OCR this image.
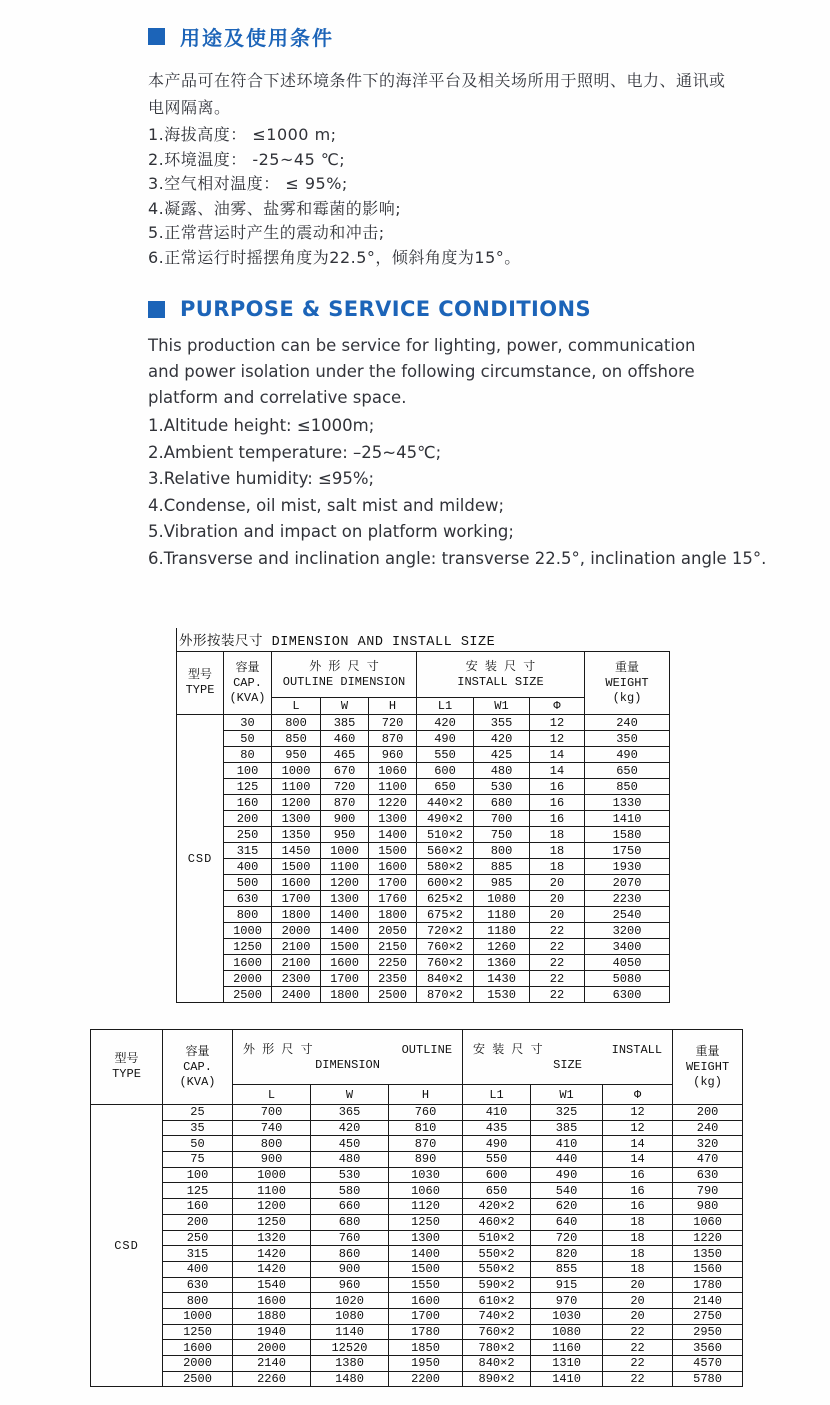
用途及使用条件

本产品可在符合下述环境条件下的海洋平台及相关场所用于照明、电力、通讯或电网隔离。

1.海拔高度： ≤1000 m;
2.环境温度： -25~45 ℃;
3.空气相对温度： ≤ 95%;
4.凝露、油雾、盐雾和霉菌的影响;
5.正常营运时产生的震动和冲击;
6.正常运行时摇摆角度为22.5°，倾斜角度为15°。
PURPOSE & SERVICE CONDITIONS

This production can be service for lighting, power, communication and power isolation under the following circumstance, on offshore platform and correlative space.

1.Altitude height: ≤1000m;
2.Ambient temperature: –25~45℃;
3.Relative humidity: ≤95%;
4.Condense, oil mist, salt mist and mildew;
5.Vibration and impact on platform working;
6.Transverse and inclination angle: transverse 22.5°, inclination angle 15°.
外形按装尺寸 DIMENSION AND INSTALL SIZE
型号
TYPE	容量
CAP.
(KVA)	外 形 尺 寸
OUTLINE DIMENSION			安 装 尺 寸
INSTALL SIZE			重量
WEIGHT
(kg)

		L	W	H	L1	W1	Φ	
CSD	30	800	385	720	420	355	12	240
	50	850	460	870	490	420	12	350
	80	950	465	960	550	425	14	490
	100	1000	670	1060	600	480	14	650
	125	1100	720	1100	650	530	16	850
	160	1200	870	1220	440×2	680	16	1330
	200	1300	900	1300	490×2	700	16	1410
	250	1350	950	1400	510×2	750	18	1580
	315	1450	1000	1500	560×2	800	18	1750
	400	1500	1100	1600	580×2	885	18	1930
	500	1600	1200	1700	600×2	985	20	2070
	630	1700	1300	1760	625×2	1080	20	2230
	800	1800	1400	1800	675×2	1180	20	2540
	1000	2000	1400	2050	720×2	1180	22	3200
	1250	2100	1500	2150	760×2	1260	22	3400
	1600	2100	1600	2250	760×2	1360	22	4050
	2000	2300	1700	2350	840×2	1430	22	5080
	2500	2400	1800	2500	870×2	1530	22	6300
型号
TYPE	容量
CAP.
(KVA)	外 形 尺 寸 OUTLINE
DIMENSION			安 装 尺 寸 INSTALL
SIZE			重量
WEIGHT
(kg)

		L	W	H	L1	W1	Φ	
CSD	25	700	365	760	410	325	12	200
	35	740	420	810	435	385	12	240
	50	800	450	870	490	410	14	320
	75	900	480	890	550	440	14	470
	100	1000	530	1030	600	490	16	630
	125	1100	580	1060	650	540	16	790
	160	1200	660	1120	420×2	620	16	980
	200	1250	680	1250	460×2	640	18	1060
	250	1320	760	1300	510×2	720	18	1220
	315	1420	860	1400	550×2	820	18	1350
	400	1420	900	1500	550×2	855	18	1560
	630	1540	960	1550	590×2	915	20	1780
	800	1600	1020	1600	610×2	970	20	2140
	1000	1880	1080	1700	740×2	1030	20	2750
	1250	1940	1140	1780	760×2	1080	22	2950
	1600	2000	12520	1850	780×2	1160	22	3560
	2000	2140	1380	1950	840×2	1310	22	4570
	2500	2260	1480	2200	890×2	1410	22	5780
